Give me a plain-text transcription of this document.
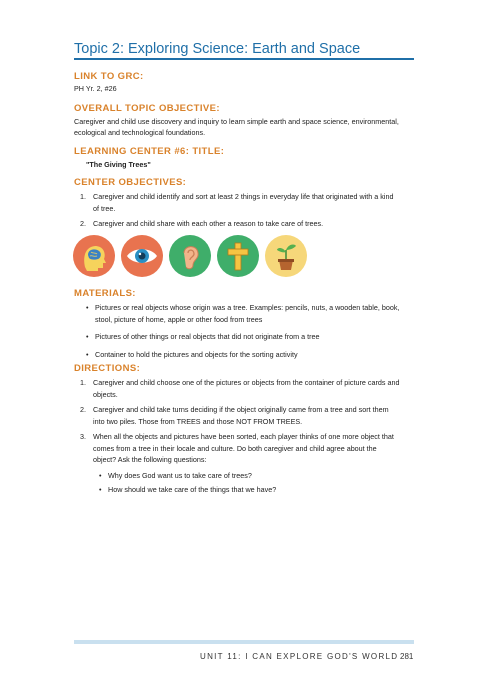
Topic 2: Exploring Science: Earth and Space
LINK TO GRC:
PH Yr. 2, #26
OVERALL TOPIC OBJECTIVE:
Caregiver and child use discovery and inquiry to learn simple earth and space science, environmental,
ecological and technological foundations.
LEARNING CENTER #6: TITLE:
"The Giving Trees"
CENTER OBJECTIVES:
1. Caregiver and child identify and sort at least 2 things in everyday life that originated with a kind
of tree.
2. Caregiver and child share with each other a reason to take care of trees.
MATERIALS:
• Pictures or real objects whose origin was a tree. Examples: pencils, nuts, a wooden table, book,
stool, picture of home, apple or other food from trees
• Pictures of other things or real objects that did not originate from a tree
• Container to hold the pictures and objects for the sorting activity
DIRECTIONS:
1. Caregiver and child choose one of the pictures or objects from the container of picture cards and
objects.
2. Caregiver and child take turns deciding if the object originally came from a tree and sort them
into two piles. Those from TREES and those NOT FROM TREES.
3. When all the objects and pictures have been sorted, each player thinks of one more object that
comes from a tree in their locale and culture. Do both caregiver and child agree about the
object? Ask the following questions:
• Why does God want us to take care of trees?
• How should we take care of the things that we have?
UNIT 11: I CAN EXPLORE GOD'S WORLD 281
